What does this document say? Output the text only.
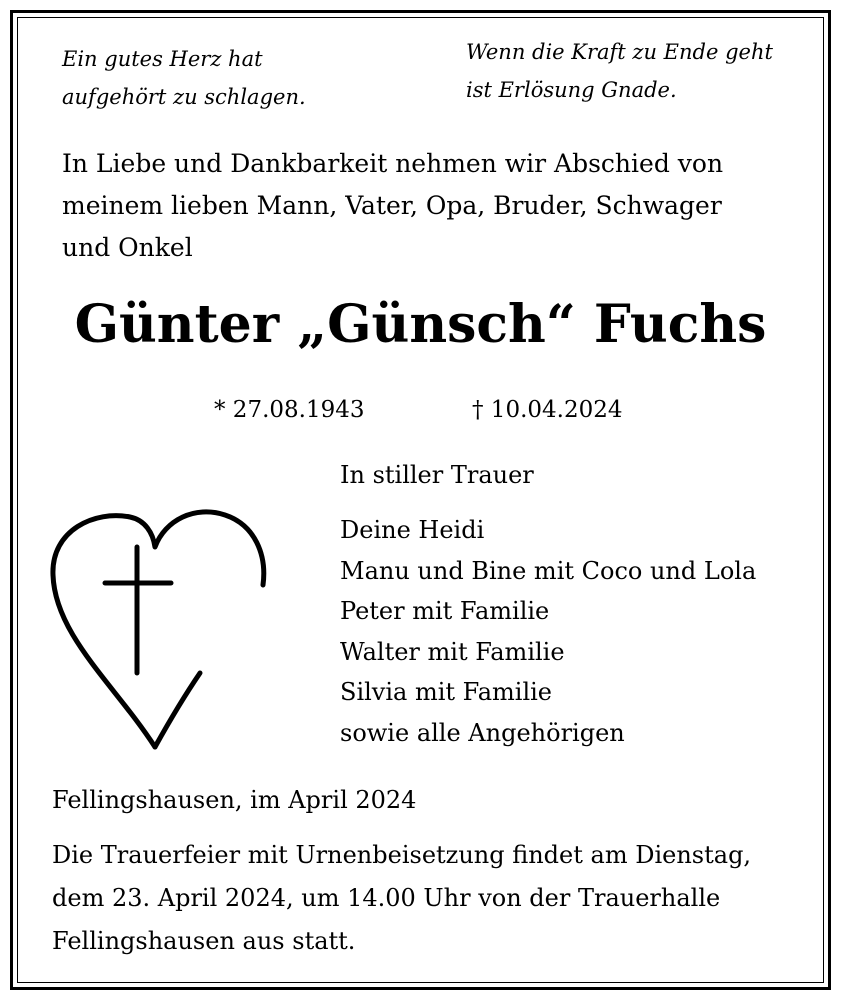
Ein gutes Herz hat
aufgehört zu schlagen.

Wenn die Kraft zu Ende geht
ist Erlösung Gnade.

In Liebe und Dankbarkeit nehmen wir Abschied von
meinem lieben Mann, Vater, Opa, Bruder, Schwager
und Onkel

Günter „Günsch“ Fuchs
* 27.08.1943	† 10.04.2024
In stiller Trauer
Deine Heidi
Manu und Bine mit Coco und Lola
Peter mit Familie
Walter mit Familie
Silvia mit Familie
sowie alle Angehörigen
Fellingshausen, im April 2024

Die Trauerfeier mit Urnenbeisetzung findet am Dienstag,
dem 23. April 2024, um 14.00 Uhr von der Trauerhalle
Fellingshausen aus statt.
